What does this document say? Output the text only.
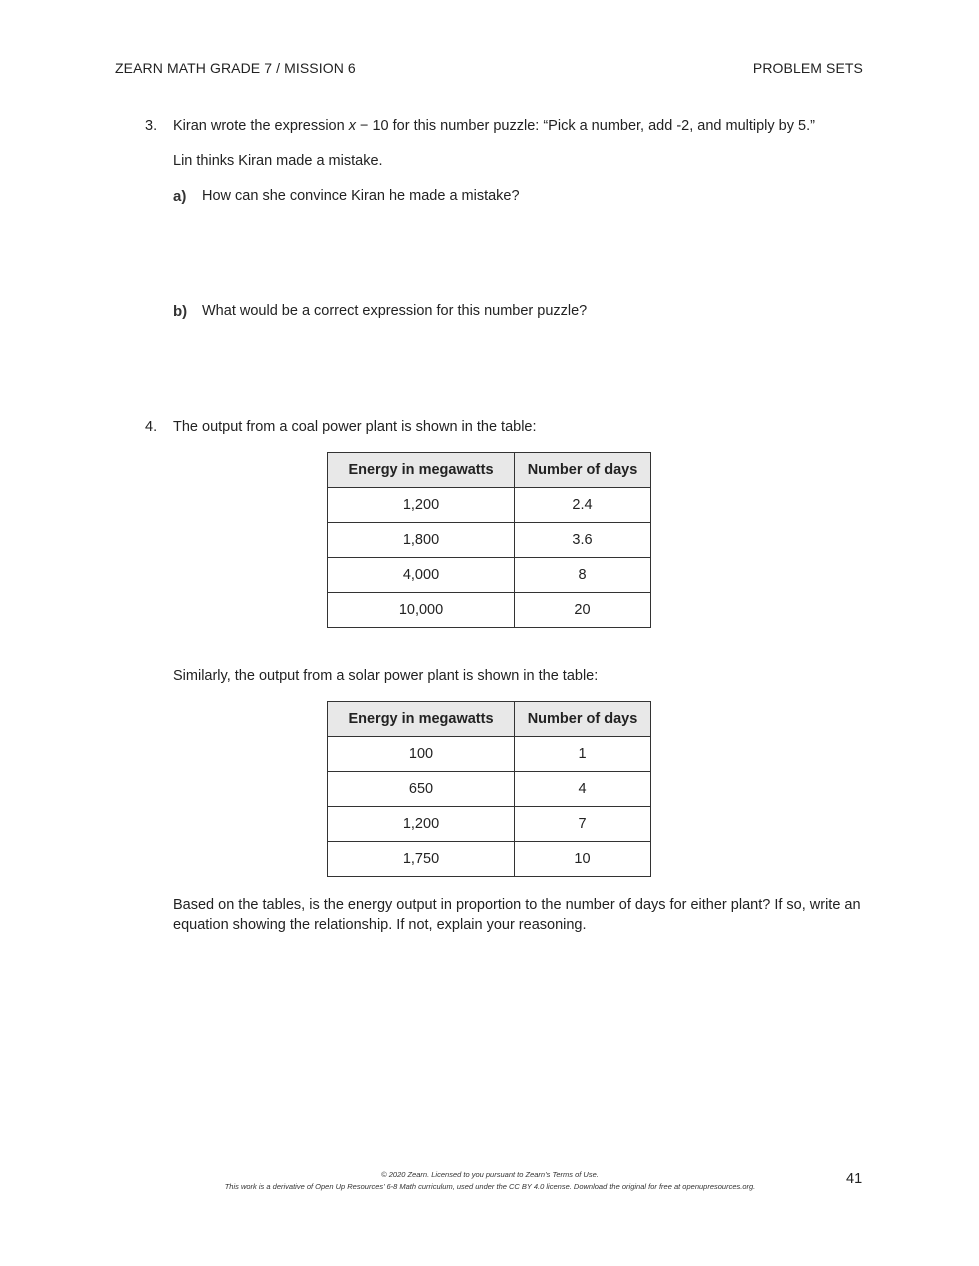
ZEARN MATH GRADE 7 / MISSION 6	PROBLEM SETS
3. Kiran wrote the expression x − 10 for this number puzzle: “Pick a number, add -2, and multiply by 5.”
Lin thinks Kiran made a mistake.
a) How can she convince Kiran he made a mistake?
b) What would be a correct expression for this number puzzle?
4. The output from a coal power plant is shown in the table:
Energy in megawatts	Number of days
1,200	2.4
1,800	3.6
4,000	8
10,000	20
Similarly, the output from a solar power plant is shown in the table:
Energy in megawatts	Number of days
100	1
650	4
1,200	7
1,750	10
Based on the tables, is the energy output in proportion to the number of days for either plant? If so, write an equation showing the relationship. If not, explain your reasoning.
© 2020 Zearn. Licensed to you pursuant to Zearn’s Terms of Use.
This work is a derivative of Open Up Resources’ 6-8 Math curriculum, used under the CC BY 4.0 license. Download the original for free at openupresources.org.	41
